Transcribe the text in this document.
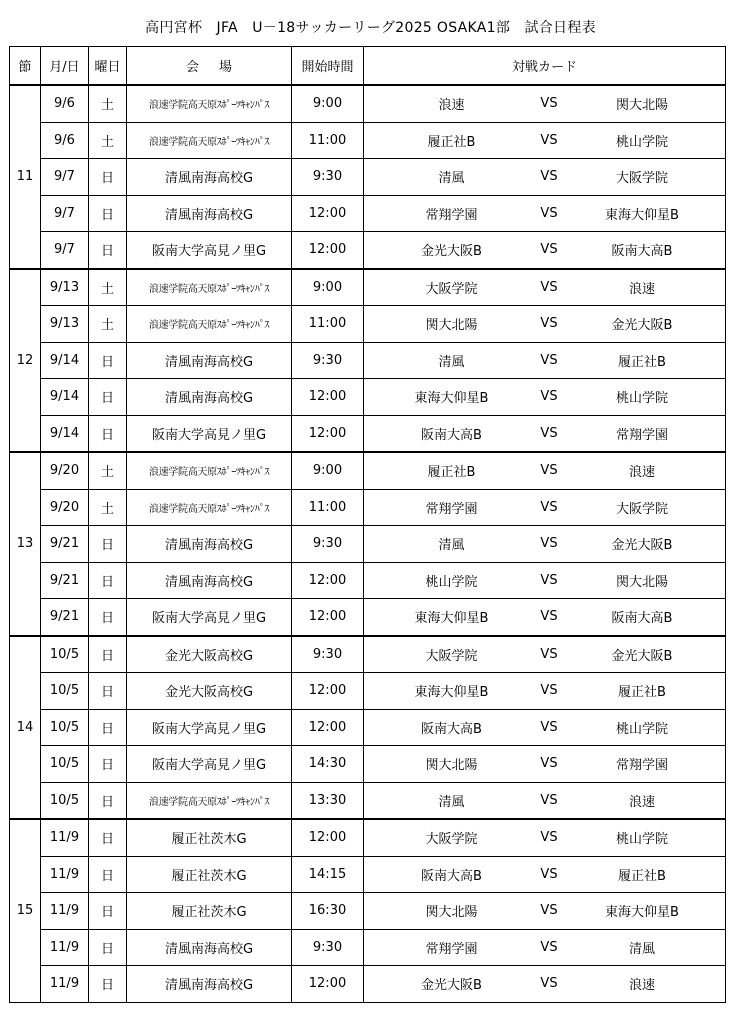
高円宮杯　JFA　U－18サッカーリーグ2025 OSAKA1部　試合日程表
節	月/日	曜日	会場	開始時間	対戦カード
11	9/6	土	浪速学院高天原ｽﾎﾟｰﾂｷｬﾝﾊﾟｽ	9:00	浪速 VS 関大北陽

	9/6	土	浪速学院高天原ｽﾎﾟｰﾂｷｬﾝﾊﾟｽ	11:00	履正社B VS 桃山学院

	9/7	日	清風南海高校G	9:30	清風 VS 大阪学院

	9/7	日	清風南海高校G	12:00	常翔学園 VS 東海大仰星B

	9/7	日	阪南大学高見ノ里G	12:00	金光大阪B VS 阪南大高B

12	9/13	土	浪速学院高天原ｽﾎﾟｰﾂｷｬﾝﾊﾟｽ	9:00	大阪学院 VS 浪速

	9/13	土	浪速学院高天原ｽﾎﾟｰﾂｷｬﾝﾊﾟｽ	11:00	関大北陽 VS 金光大阪B

	9/14	日	清風南海高校G	9:30	清風 VS 履正社B

	9/14	日	清風南海高校G	12:00	東海大仰星B VS 桃山学院

	9/14	日	阪南大学高見ノ里G	12:00	阪南大高B VS 常翔学園

13	9/20	土	浪速学院高天原ｽﾎﾟｰﾂｷｬﾝﾊﾟｽ	9:00	履正社B VS 浪速

	9/20	土	浪速学院高天原ｽﾎﾟｰﾂｷｬﾝﾊﾟｽ	11:00	常翔学園 VS 大阪学院

	9/21	日	清風南海高校G	9:30	清風 VS 金光大阪B

	9/21	日	清風南海高校G	12:00	桃山学院 VS 関大北陽

	9/21	日	阪南大学高見ノ里G	12:00	東海大仰星B VS 阪南大高B

14	10/5	日	金光大阪高校G	9:30	大阪学院 VS 金光大阪B

	10/5	日	金光大阪高校G	12:00	東海大仰星B VS 履正社B

	10/5	日	阪南大学高見ノ里G	12:00	阪南大高B VS 桃山学院

	10/5	日	阪南大学高見ノ里G	14:30	関大北陽 VS 常翔学園

	10/5	日	浪速学院高天原ｽﾎﾟｰﾂｷｬﾝﾊﾟｽ	13:30	清風 VS 浪速

15	11/9	日	履正社茨木G	12:00	大阪学院 VS 桃山学院

	11/9	日	履正社茨木G	14:15	阪南大高B VS 履正社B

	11/9	日	履正社茨木G	16:30	関大北陽 VS 東海大仰星B

	11/9	日	清風南海高校G	9:30	常翔学園 VS 清風

	11/9	日	清風南海高校G	12:00	金光大阪B VS 浪速
